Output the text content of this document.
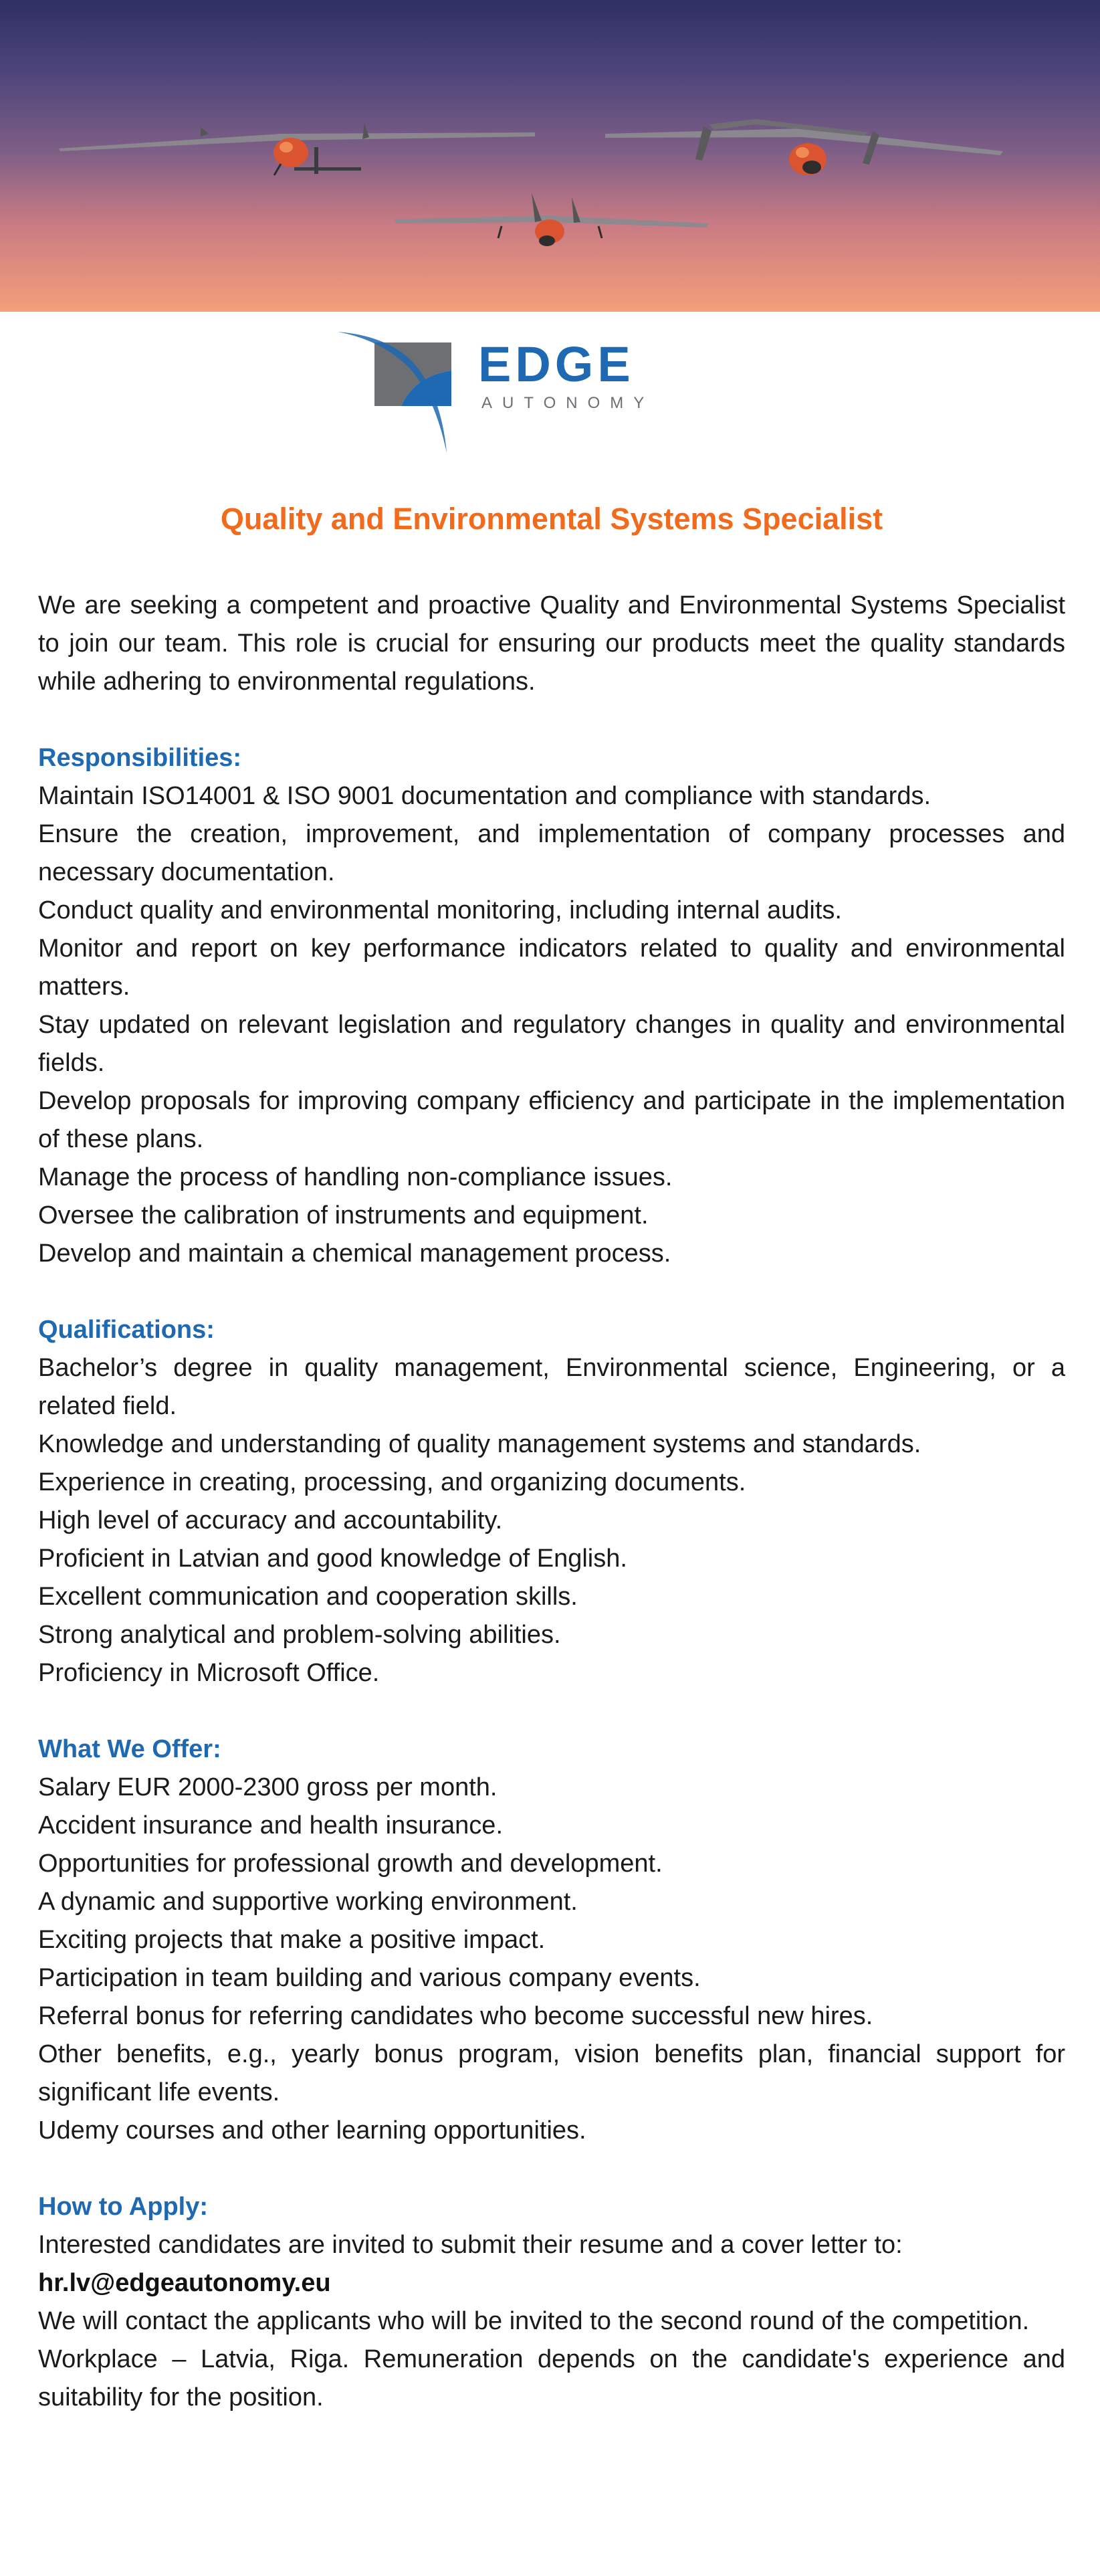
EDGE
AUTONOMY
Quality and Environmental Systems Specialist

We are seeking a competent and proactive Quality and Environmental Systems Specialist to join our team. This role is crucial for ensuring our products meet the quality standards while adhering to environmental regulations.

Responsibilities:
Maintain ISO14001 & ISO 9001 documentation and compliance with standards.
Ensure the creation, improvement, and implementation of company processes and necessary documentation.
Conduct quality and environmental monitoring, including internal audits.
Monitor and report on key performance indicators related to quality and environmental matters.
Stay updated on relevant legislation and regulatory changes in quality and environmental fields.
Develop proposals for improving company efficiency and participate in the implementation of these plans.
Manage the process of handling non-compliance issues.
Oversee the calibration of instruments and equipment.
Develop and maintain a chemical management process.
Qualifications:
Bachelor’s degree in quality management, Environmental science, Engineering, or a related field.
Knowledge and understanding of quality management systems and standards.
Experience in creating, processing, and organizing documents.
High level of accuracy and accountability.
Proficient in Latvian and good knowledge of English.
Excellent communication and cooperation skills.
Strong analytical and problem-solving abilities.
Proficiency in Microsoft Office.
What We Offer:
Salary EUR 2000-2300 gross per month.
Accident insurance and health insurance.
Opportunities for professional growth and development.
A dynamic and supportive working environment.
Exciting projects that make a positive impact.
Participation in team building and various company events.
Referral bonus for referring candidates who become successful new hires.
Other benefits, e.g., yearly bonus program, vision benefits plan, financial support for significant life events.
Udemy courses and other learning opportunities.
How to Apply:
Interested candidates are invited to submit their resume and a cover letter to:
hr.lv@edgeautonomy.eu
We will contact the applicants who will be invited to the second round of the competition.
Workplace – Latvia, Riga. Remuneration depends on the candidate's experience and suitability for the position.
